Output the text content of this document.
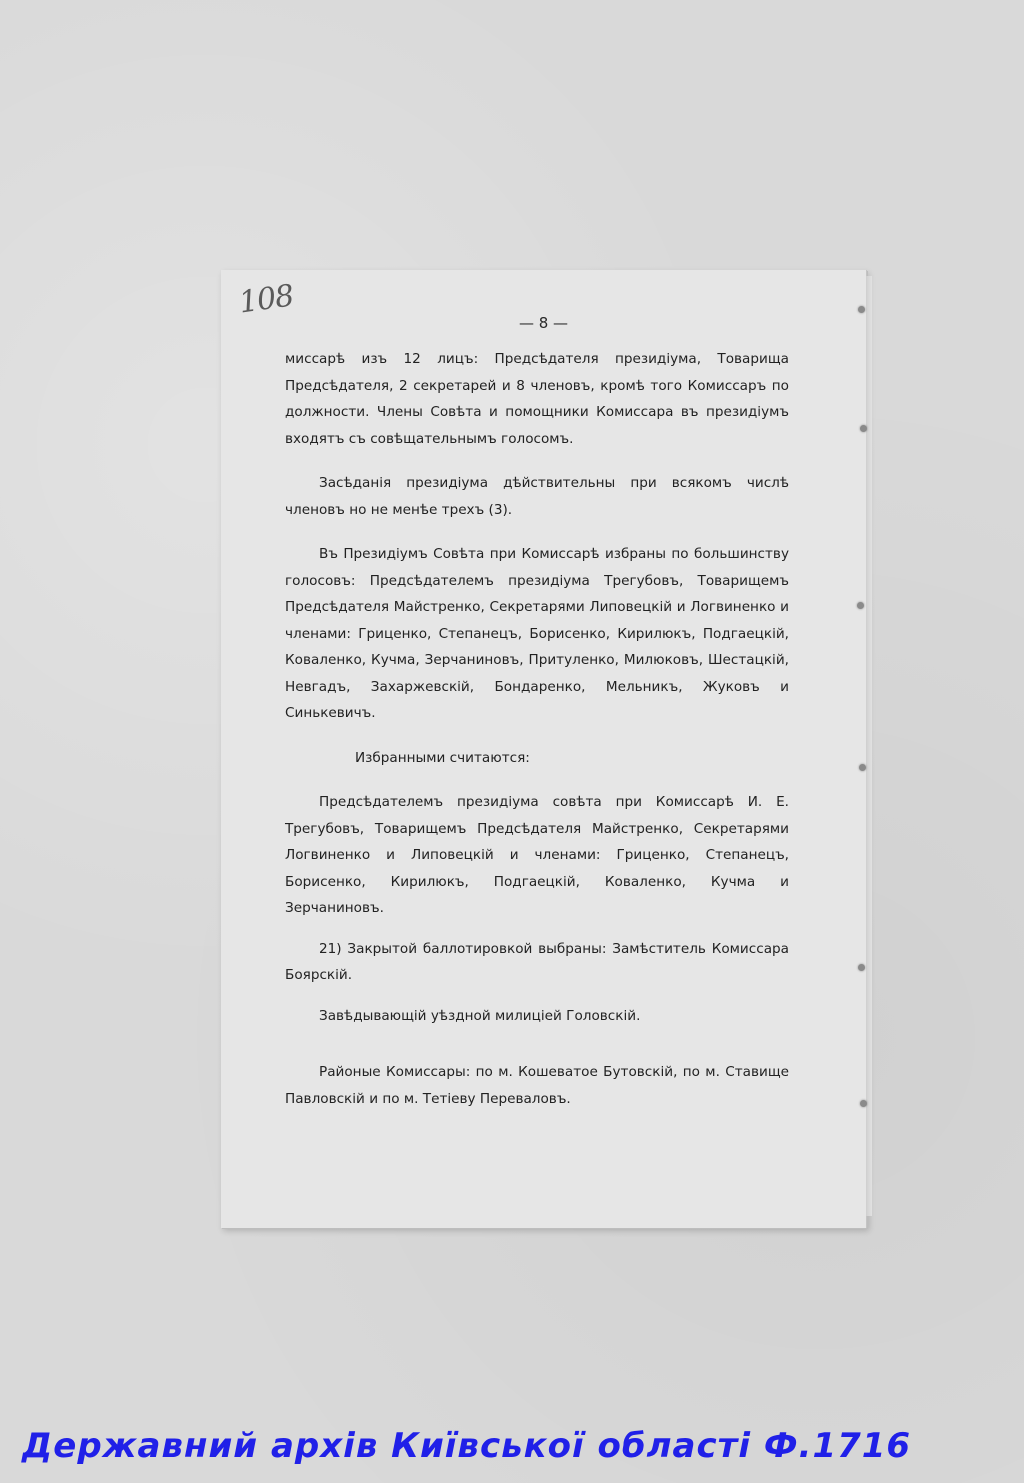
108
— 8 —

миссарѣ изъ 12 лицъ: Предсѣдателя президіума, Товарища Предсѣдателя, 2 секретарей и 8 членовъ, кромѣ того Комиссаръ по должности. Члены Совѣта и помощники Комиссара въ президіумъ входятъ съ совѣщательнымъ голосомъ.

Засѣданія президіума дѣйствительны при всякомъ числѣ членовъ но не менѣе трехъ (3).

Въ Президіумъ Совѣта при Комиссарѣ избраны по большинству голосовъ: Предсѣдателемъ президіума Трегубовъ, Товарищемъ Предсѣдателя Майстренко, Секретарями Липовецкій и Логвиненко и членами: Гриценко, Степанецъ, Борисенко, Кирилюкъ, Подгаецкій, Коваленко, Кучма, Зерчаниновъ, Притуленко, Милюковъ, Шестацкій, Невгадъ, Захаржевскій, Бондаренко, Мельникъ, Жуковъ и Синькевичъ.

Избранными считаются:

Предсѣдателемъ президіума совѣта при Комиссарѣ И. Е. Трегубовъ, Товарищемъ Предсѣдателя Майстренко, Секретарями Логвиненко и Липовецкій и членами: Гриценко, Степанецъ, Борисенко, Кирилюкъ, Подгаецкій, Коваленко, Кучма и Зерчаниновъ.

21) Закрытой баллотировкой выбраны: Замѣститель Комиссара Боярскій.

Завѣдывающій уѣздной милиціей Головскій.

Районые Комиссары: по м. Кошеватое Бутовскій, по м. Ставище Павловскій и по м. Тетіеву Переваловъ.

Державний архів Київської області Ф.1716
